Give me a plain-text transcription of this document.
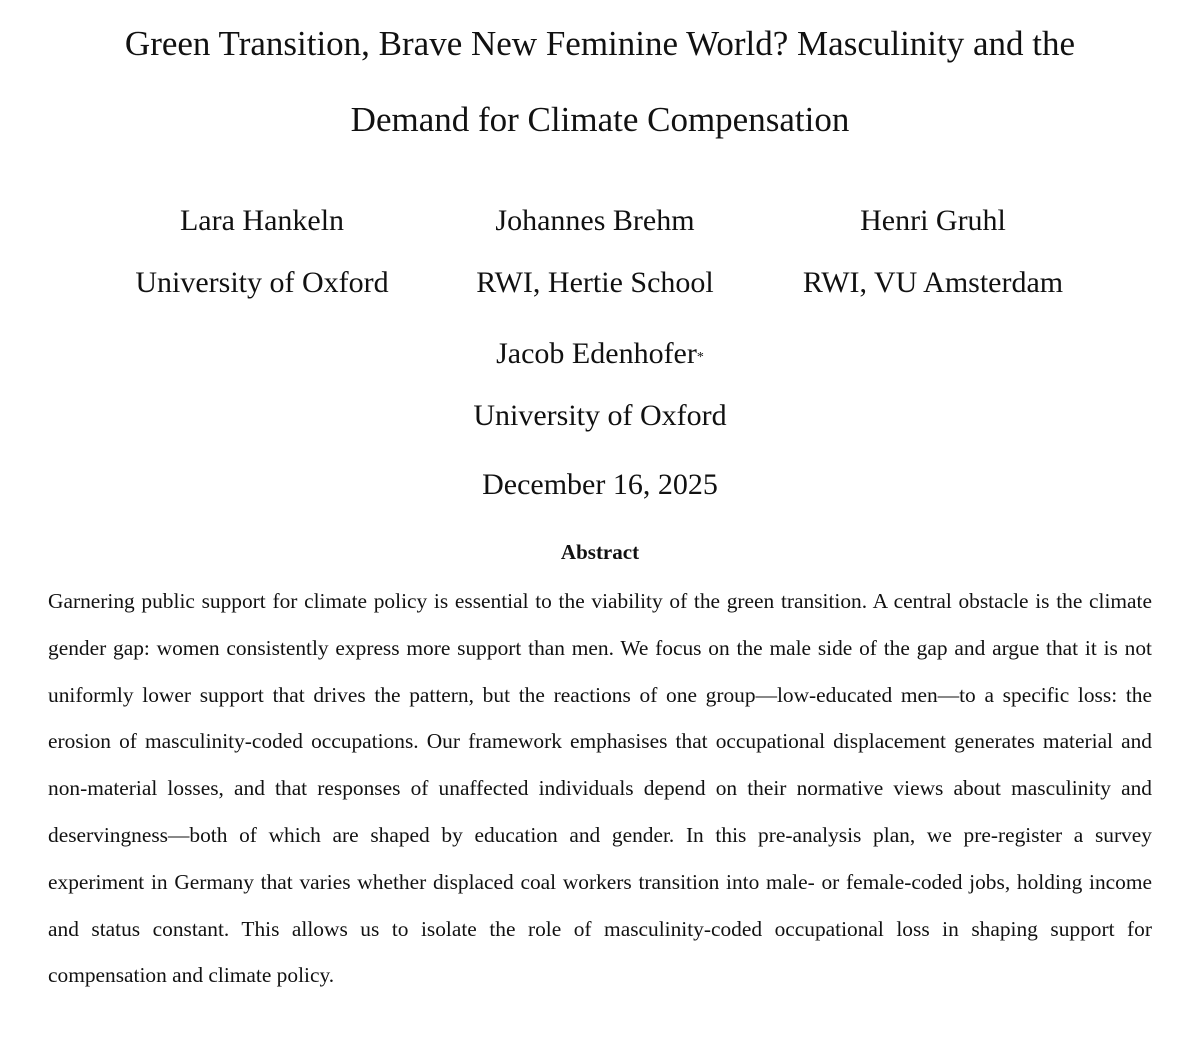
Green Transition, Brave New Feminine World? Masculinity and the
Demand for Climate Compensation
Lara Hankeln
University of Oxford
Johannes Brehm
RWI, Hertie School
Henri Gruhl
RWI, VU Amsterdam
Jacob Edenhofer*
University of Oxford
December 16, 2025
Abstract

Garnering public support for climate policy is essential to the viability of the green transition. A central obstacle is the climate gender gap: women consistently express more support than men. We focus on the male side of the gap and argue that it is not uniformly lower support that drives the pattern, but the reactions of one group—low-educated men—to a specific loss: the erosion of masculinity-coded occupations. Our framework emphasises that occupational displacement generates material and non-material losses, and that responses of unaffected individuals depend on their normative views about masculinity and deservingness—both of which are shaped by education and gender. In this pre-analysis plan, we pre-register a survey experiment in Germany that varies whether displaced coal workers transition into male- or female-coded jobs, holding income and status constant. This allows us to isolate the role of masculinity-coded occupational loss in shaping support for compensation and climate policy.
